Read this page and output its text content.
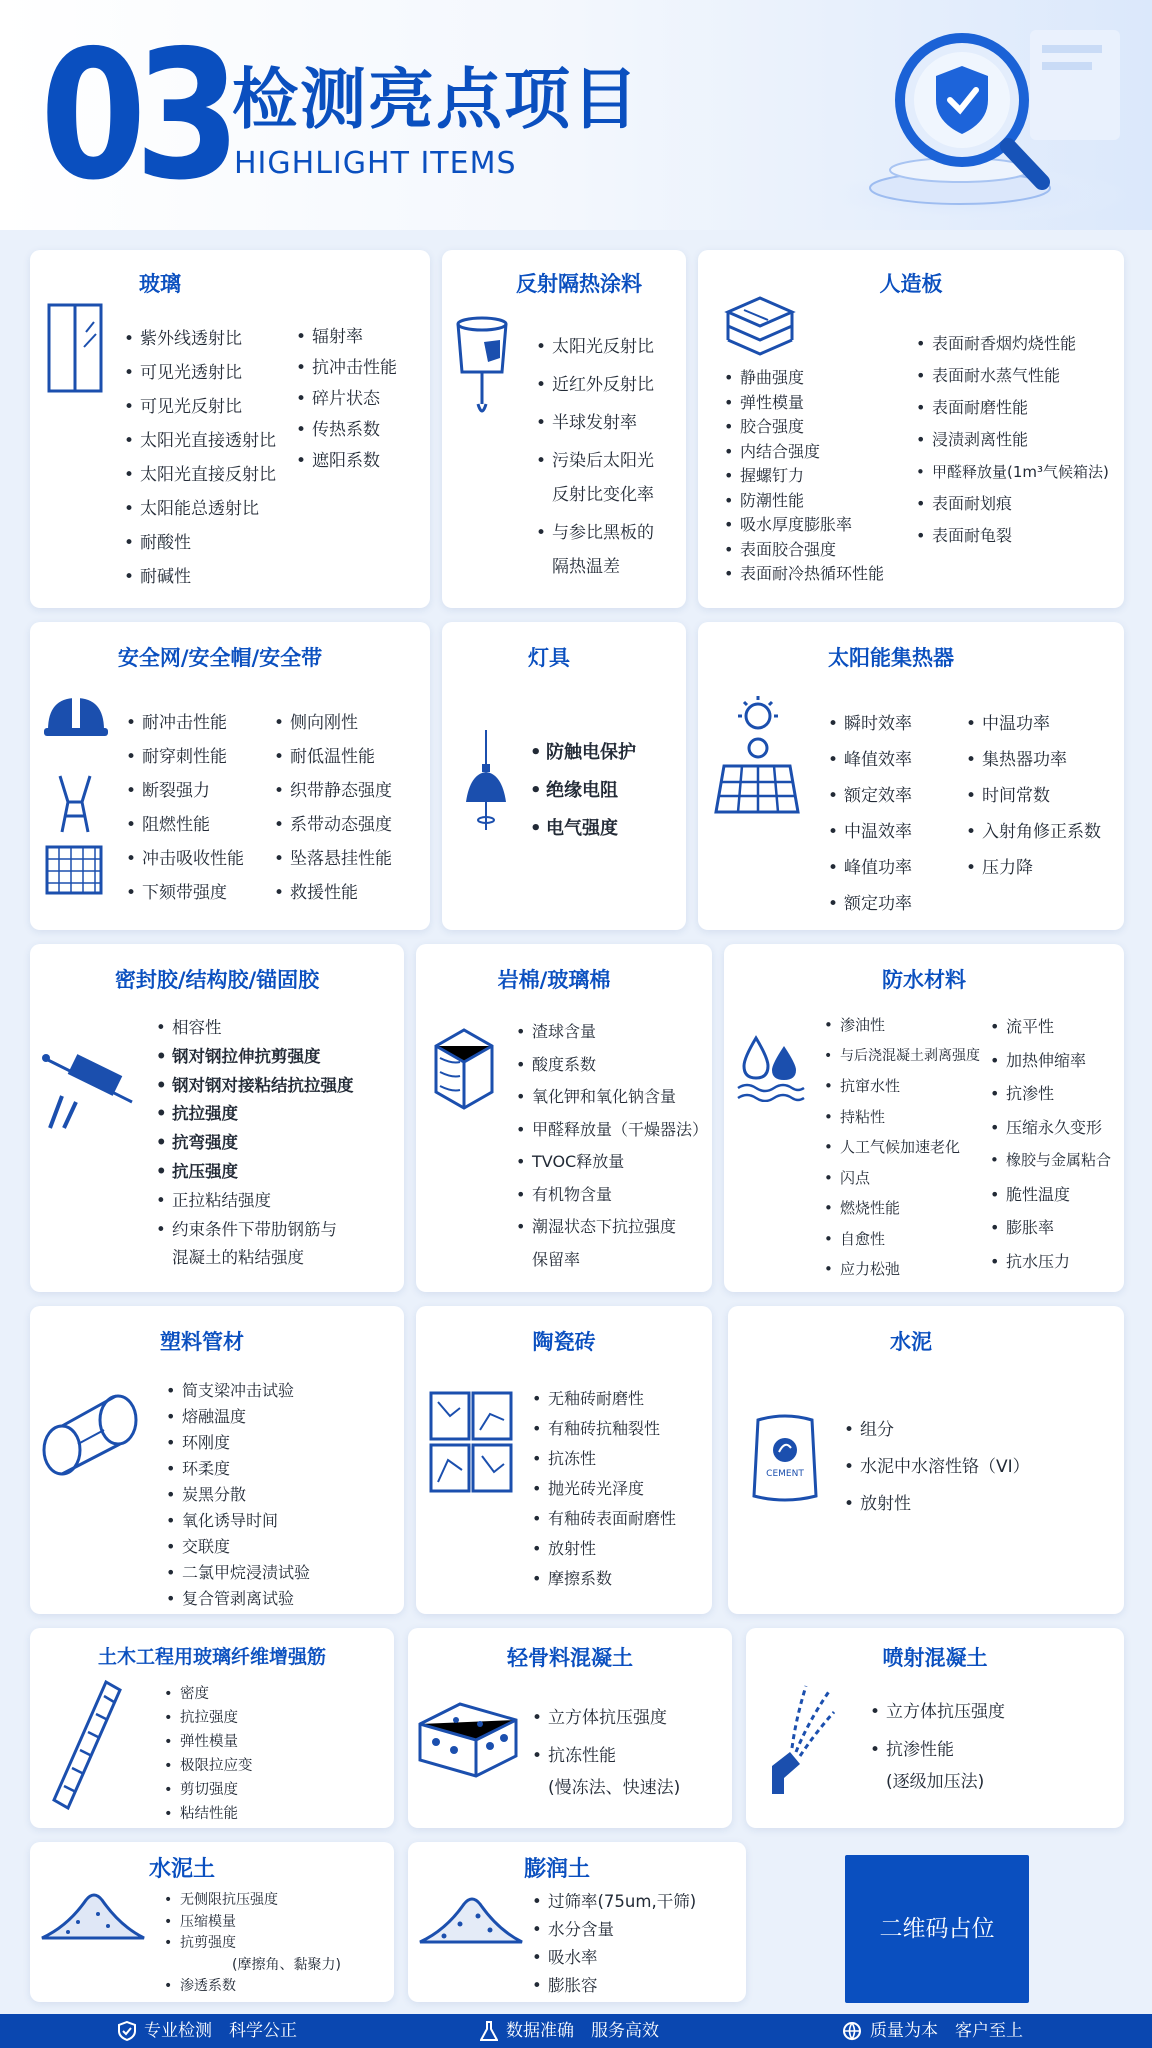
03 检测亮点项目
HIGHLIGHT ITEMS
玻璃
• 紫外线透射比
• 可见光透射比
• 可见光反射比
• 太阳光直接透射比
• 太阳光直接反射比
• 太阳能总透射比
• 耐酸性
• 耐碱性
• 辐射率
• 抗冲击性能
• 碎片状态
• 传热系数
• 遮阳系数
反射隔热涂料
• 太阳光反射比
• 近红外反射比
• 半球发射率
• 污染后太阳光
反射比变化率
• 与参比黑板的
隔热温差
人造板
• 静曲强度
• 弹性模量
• 胶合强度
• 内结合强度
• 握螺钉力
• 防潮性能
• 吸水厚度膨胀率
• 表面胶合强度
• 表面耐冷热循环性能
• 表面耐香烟灼烧性能
• 表面耐水蒸气性能
• 表面耐磨性能
• 浸渍剥离性能
• 甲醛释放量(1m³气候箱法)
• 表面耐划痕
• 表面耐龟裂
安全网/安全帽/安全带
• 耐冲击性能
• 耐穿刺性能
• 断裂强力
• 阻燃性能
• 冲击吸收性能
• 下颏带强度
• 侧向刚性
• 耐低温性能
• 织带静态强度
• 系带动态强度
• 坠落悬挂性能
• 救援性能
灯具
• 防触电保护
• 绝缘电阻
• 电气强度
太阳能集热器
• 瞬时效率
• 峰值效率
• 额定效率
• 中温效率
• 峰值功率
• 额定功率
• 中温功率
• 集热器功率
• 时间常数
• 入射角修正系数
• 压力降
密封胶/结构胶/锚固胶
• 相容性
• 钢对钢拉伸抗剪强度
• 钢对钢对接粘结抗拉强度
• 抗拉强度
• 抗弯强度
• 抗压强度
• 正拉粘结强度
• 约束条件下带肋钢筋与
混凝土的粘结强度
岩棉/玻璃棉
• 渣球含量
• 酸度系数
• 氧化钾和氧化钠含量
• 甲醛释放量（干燥器法）
• TVOC释放量
• 有机物含量
• 潮湿状态下抗拉强度
保留率
防水材料
• 渗油性
• 与后浇混凝土剥离强度
• 抗窜水性
• 持粘性
• 人工气候加速老化
• 闪点
• 燃烧性能
• 自愈性
• 应力松弛
• 流平性
• 加热伸缩率
• 抗渗性
• 压缩永久变形
• 橡胶与金属粘合
• 脆性温度
• 膨胀率
• 抗水压力
塑料管材
• 简支梁冲击试验
• 熔融温度
• 环刚度
• 环柔度
• 炭黑分散
• 氧化诱导时间
• 交联度
• 二氯甲烷浸渍试验
• 复合管剥离试验
陶瓷砖
• 无釉砖耐磨性
• 有釉砖抗釉裂性
• 抗冻性
• 抛光砖光泽度
• 有釉砖表面耐磨性
• 放射性
• 摩擦系数
水泥
CEMENT
• 组分
• 水泥中水溶性铬（VI）
• 放射性
土木工程用玻璃纤维增强筋
• 密度
• 抗拉强度
• 弹性模量
• 极限拉应变
• 剪切强度
• 粘结性能
轻骨料混凝土
• 立方体抗压强度
• 抗冻性能
(慢冻法、快速法)
喷射混凝土
• 立方体抗压强度
• 抗渗性能
(逐级加压法)
水泥土
• 无侧限抗压强度
• 压缩模量
• 抗剪强度
(摩擦角、黏聚力)
• 渗透系数
膨润土
• 过筛率(75um,干筛)
• 水分含量
• 吸水率
• 膨胀容
二维码占位
专业检测　科学公正	数据准确　服务高效	质量为本　客户至上
